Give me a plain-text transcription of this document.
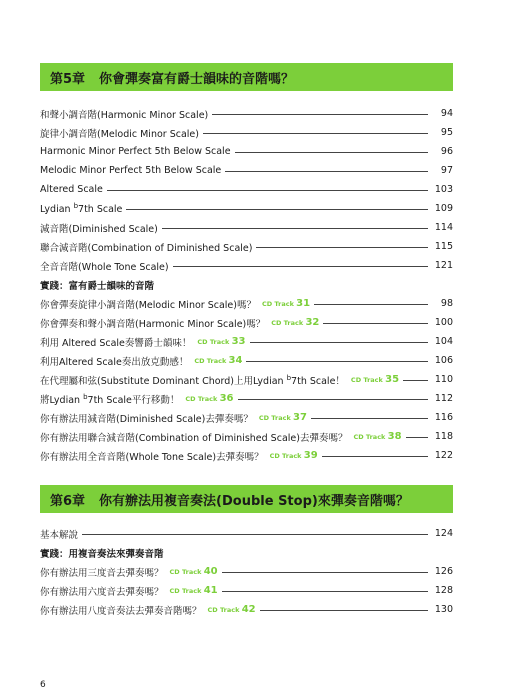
第5章 你會彈奏富有爵士韻味的音階嗎？
和聲小調音階(Harmonic Minor Scale)	94
旋律小調音階(Melodic Minor Scale)	95
Harmonic Minor Perfect 5th Below Scale	96
Melodic Minor Perfect 5th Below Scale	97
Altered Scale	103
Lydian $^b$7th Scale	109
減音階(Diminished Scale)	114
聯合減音階(Combination of Diminished Scale)	115
全音音階(Whole Tone Scale)	121
實踐：富有爵士韻味的音階
你會彈奏旋律小調音階(Melodic Minor Scale)嗎？ CD Track 31	98
你會彈奏和聲小調音階(Harmonic Minor Scale)嗎？ CD Track 32	100
利用 Altered Scale奏響爵士韻味！ CD Track 33	104
利用Altered Scale奏出放克動感！ CD Track 34	106
在代理屬和弦(Substitute Dominant Chord)上用Lydian $^b$7th Scale！ CD Track 35	110
將Lydian $^b$7th Scale平行移動！ CD Track 36	112
你有辦法用減音階(Diminished Scale)去彈奏嗎？ CD Track 37	116
你有辦法用聯合減音階(Combination of Diminished Scale)去彈奏嗎？ CD Track 38	118
你有辦法用全音音階(Whole Tone Scale)去彈奏嗎？ CD Track 39	122
第6章 你有辦法用複音奏法(Double Stop)來彈奏音階嗎？
基本解說	124
實踐：用複音奏法來彈奏音階
你有辦法用三度音去彈奏嗎？ CD Track 40	126
你有辦法用六度音去彈奏嗎？ CD Track 41	128
你有辦法用八度音奏法去彈奏音階嗎？ CD Track 42	130
6
